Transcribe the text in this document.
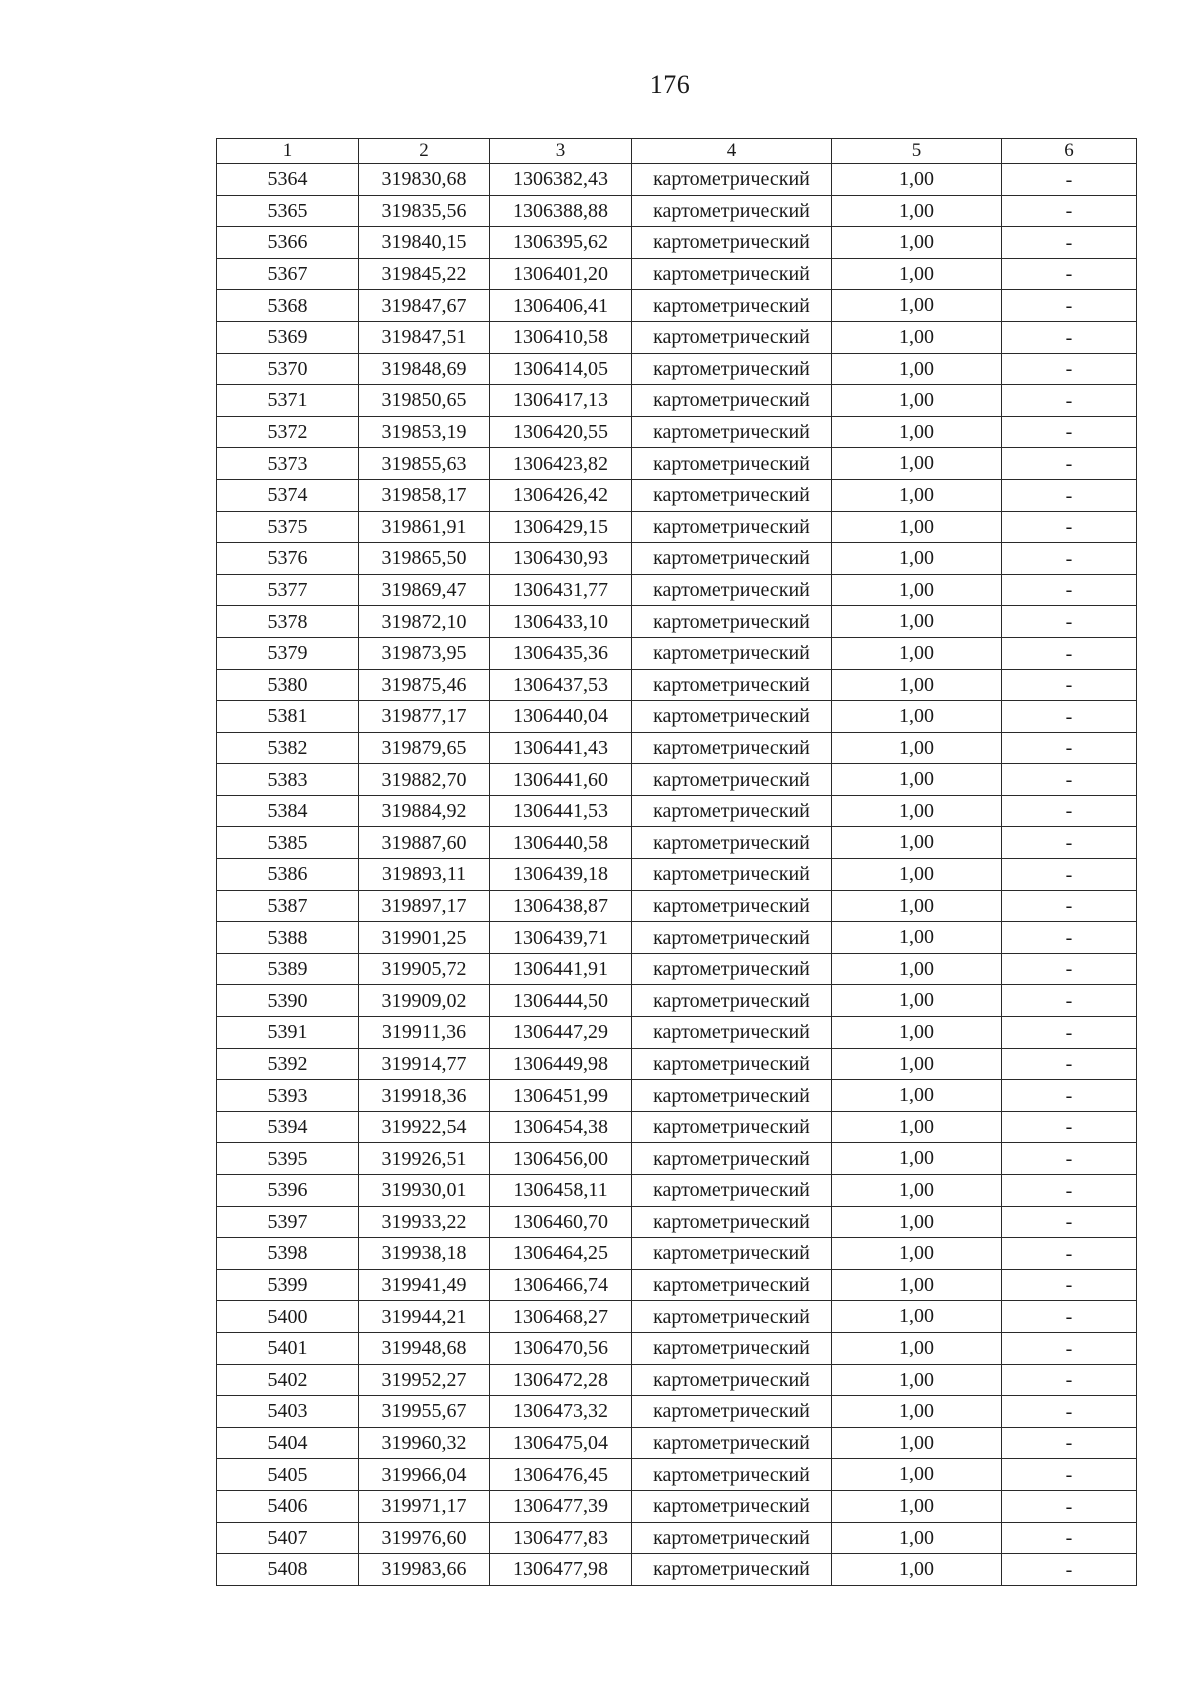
176
1	2	3	4	5	6
5364	319830,68	1306382,43	картометрический	1,00	-
5365	319835,56	1306388,88	картометрический	1,00	-
5366	319840,15	1306395,62	картометрический	1,00	-
5367	319845,22	1306401,20	картометрический	1,00	-
5368	319847,67	1306406,41	картометрический	1,00	-
5369	319847,51	1306410,58	картометрический	1,00	-
5370	319848,69	1306414,05	картометрический	1,00	-
5371	319850,65	1306417,13	картометрический	1,00	-
5372	319853,19	1306420,55	картометрический	1,00	-
5373	319855,63	1306423,82	картометрический	1,00	-
5374	319858,17	1306426,42	картометрический	1,00	-
5375	319861,91	1306429,15	картометрический	1,00	-
5376	319865,50	1306430,93	картометрический	1,00	-
5377	319869,47	1306431,77	картометрический	1,00	-
5378	319872,10	1306433,10	картометрический	1,00	-
5379	319873,95	1306435,36	картометрический	1,00	-
5380	319875,46	1306437,53	картометрический	1,00	-
5381	319877,17	1306440,04	картометрический	1,00	-
5382	319879,65	1306441,43	картометрический	1,00	-
5383	319882,70	1306441,60	картометрический	1,00	-
5384	319884,92	1306441,53	картометрический	1,00	-
5385	319887,60	1306440,58	картометрический	1,00	-
5386	319893,11	1306439,18	картометрический	1,00	-
5387	319897,17	1306438,87	картометрический	1,00	-
5388	319901,25	1306439,71	картометрический	1,00	-
5389	319905,72	1306441,91	картометрический	1,00	-
5390	319909,02	1306444,50	картометрический	1,00	-
5391	319911,36	1306447,29	картометрический	1,00	-
5392	319914,77	1306449,98	картометрический	1,00	-
5393	319918,36	1306451,99	картометрический	1,00	-
5394	319922,54	1306454,38	картометрический	1,00	-
5395	319926,51	1306456,00	картометрический	1,00	-
5396	319930,01	1306458,11	картометрический	1,00	-
5397	319933,22	1306460,70	картометрический	1,00	-
5398	319938,18	1306464,25	картометрический	1,00	-
5399	319941,49	1306466,74	картометрический	1,00	-
5400	319944,21	1306468,27	картометрический	1,00	-
5401	319948,68	1306470,56	картометрический	1,00	-
5402	319952,27	1306472,28	картометрический	1,00	-
5403	319955,67	1306473,32	картометрический	1,00	-
5404	319960,32	1306475,04	картометрический	1,00	-
5405	319966,04	1306476,45	картометрический	1,00	-
5406	319971,17	1306477,39	картометрический	1,00	-
5407	319976,60	1306477,83	картометрический	1,00	-
5408	319983,66	1306477,98	картометрический	1,00	-
